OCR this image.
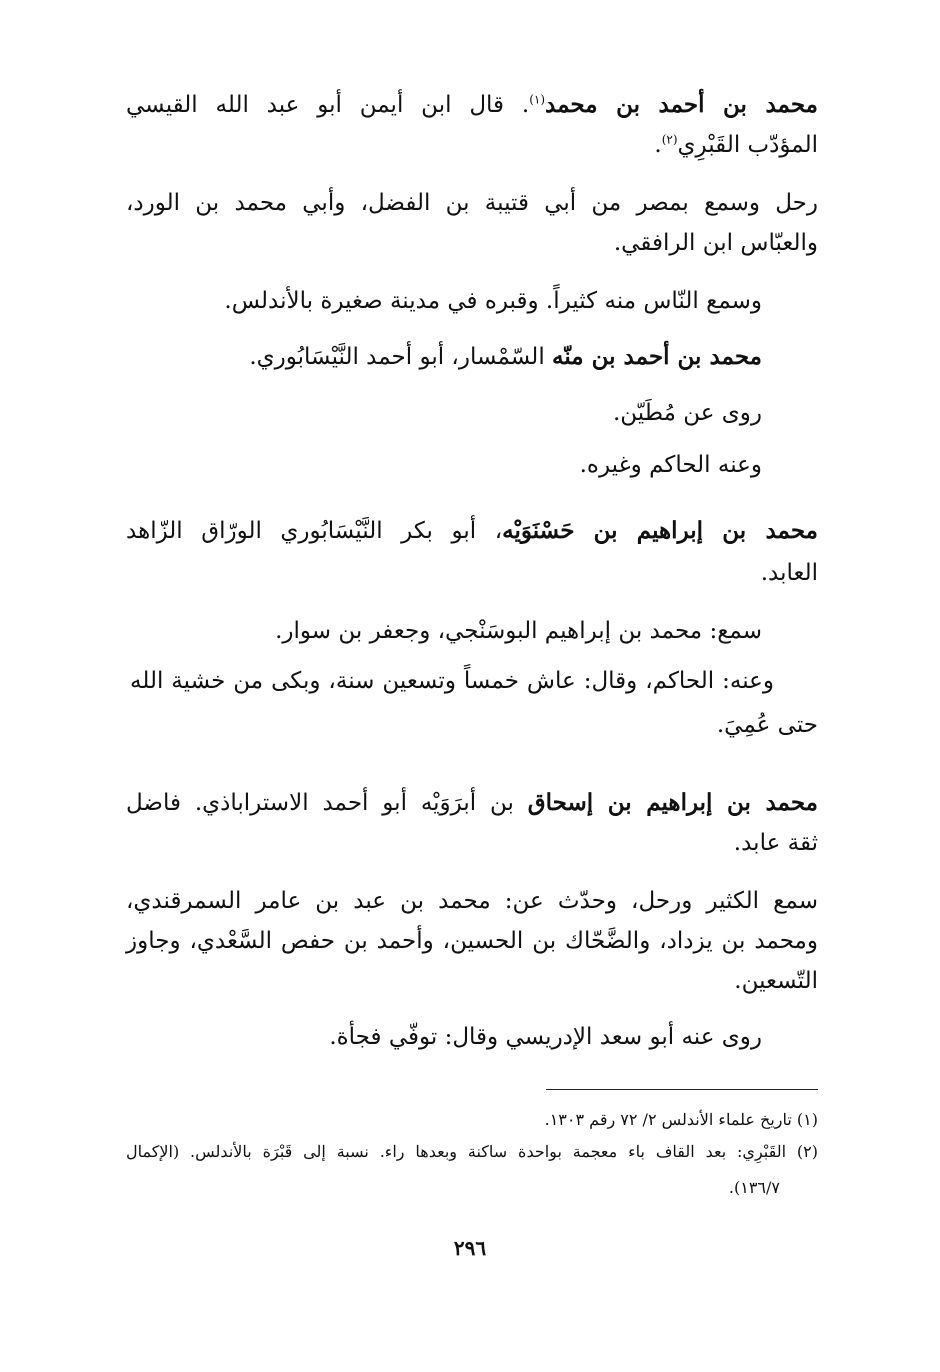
محمد بن أحمد بن محمد$^{(١)}$. قال ابن أيمن أبو عبد الله القيسي
المؤدّب القَبْرِي$^{(٢)}$.
رحل وسمع بمصر من أبي قتيبة بن الفضل، وأبي محمد بن الورد،
والعبّاس ابن الرافقي.
وسمع النّاس منه كثيراً. وقبره في مدينة صغيرة بالأندلس.
محمد بن أحمد بن منّه السّمْسار، أبو أحمد النَّيْسَابُوري.
روى عن مُطَيّن.
وعنه الحاكم وغيره.
محمد بن إبراهيم بن حَسْنَوَيْه، أبو بكر النَّيْسَابُوري الورّاق الزّاهد
العابد.
سمع: محمد بن إبراهيم البوسَنْجي، وجعفر بن سوار.
وعنه: الحاكم، وقال: عاش خمساً وتسعين سنة، وبكى من خشية الله
حتى عُمِيَ.
محمد بن إبراهيم بن إسحاق بن أبرَوَيْه أبو أحمد الاستراباذي. فاضل
ثقة عابد.
سمع الكثير ورحل، وحدّث عن: محمد بن عبد بن عامر السمرقندي،
ومحمد بن يزداد، والضَّحّاك بن الحسين، وأحمد بن حفص السَّعْدي، وجاوز
التّسعين.
روى عنه أبو سعد الإدريسي وقال: توفّي فجأة.
(١) تاريخ علماء الأندلس ٢/ ٧٢ رقم ١٣٠٣.
(٢) القَبْرِي: بعد القاف باء معجمة بواحدة ساكنة وبعدها راء. نسبة إلى قَبْرَة بالأندلس. (الإكمال
١٣٦/٧).
٢٩٦
